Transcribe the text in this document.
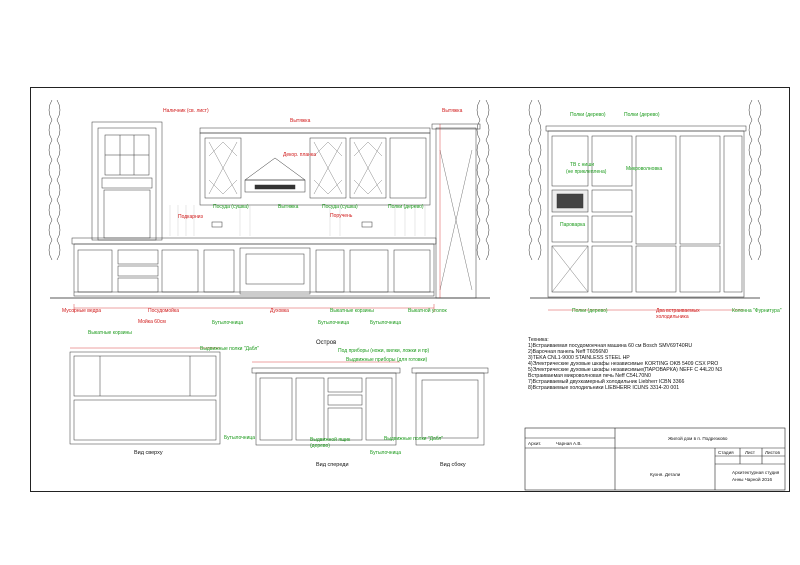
Наличник (св. лист)
Вытяжка
Вытяжка
Декор. планка
Посуда (сушка)	Вытяжка	Посуда (сушка)	Полки (дерево)
Подкарниз	Поручень
Мусорные ведра	Посудомойка
Выкатные корзины
Мойка 60см	Бутылочница
Духовка	Выкатные корзины
Бутылочница	Бутылочница
Выкатной уголок
Полки (дерево)	Полки (дерево)
ТВ с ниши
(не приклеплена)	Микроволновка
Пароварка
Полки (дерево)	Два встраиваемых холодильника
Колонна "Фурнитура"
Остров
Выдвижные полки "Дабл"	Под приборы (ножи, вилки, ложки и пр)
Выдвижные приборы (для готовки)
Бутылочница	Выдвижной ящик (дерево)
Бутылочница
Выдвижные полки "Дабл"
Вид сверху
Вид спереди	Вид сбоку
Техника:
1)Встраиваемая посудомоечная машина 60 см Bosch SMV69T40RU
2)Варочная панель Neff T6056N0
3)TEKA CNL1-9000 STAINLESS STEEL HP
4)Электрические духовые шкафы независимые KORTING OKB 5409 CSX PRO
5)Электрические духовые шкафы независимые(ПАРОВАРКА) NEFF C 44L20 N3
Встраиваемая микроволновая печь Neff C54L70N0
7)Встраиваемый двухкамерный холодильник Liebherr ICBN 3366
8)Встраиваемые холодильники LIEBHERR ICUNS 3314-20 001
Архит.	Чарная А.В.
Жилой дом в п. Подрезково
Кухня. Детали
Стадия Лист Листов
Архитектурная студия
Анны Чарной 2016
